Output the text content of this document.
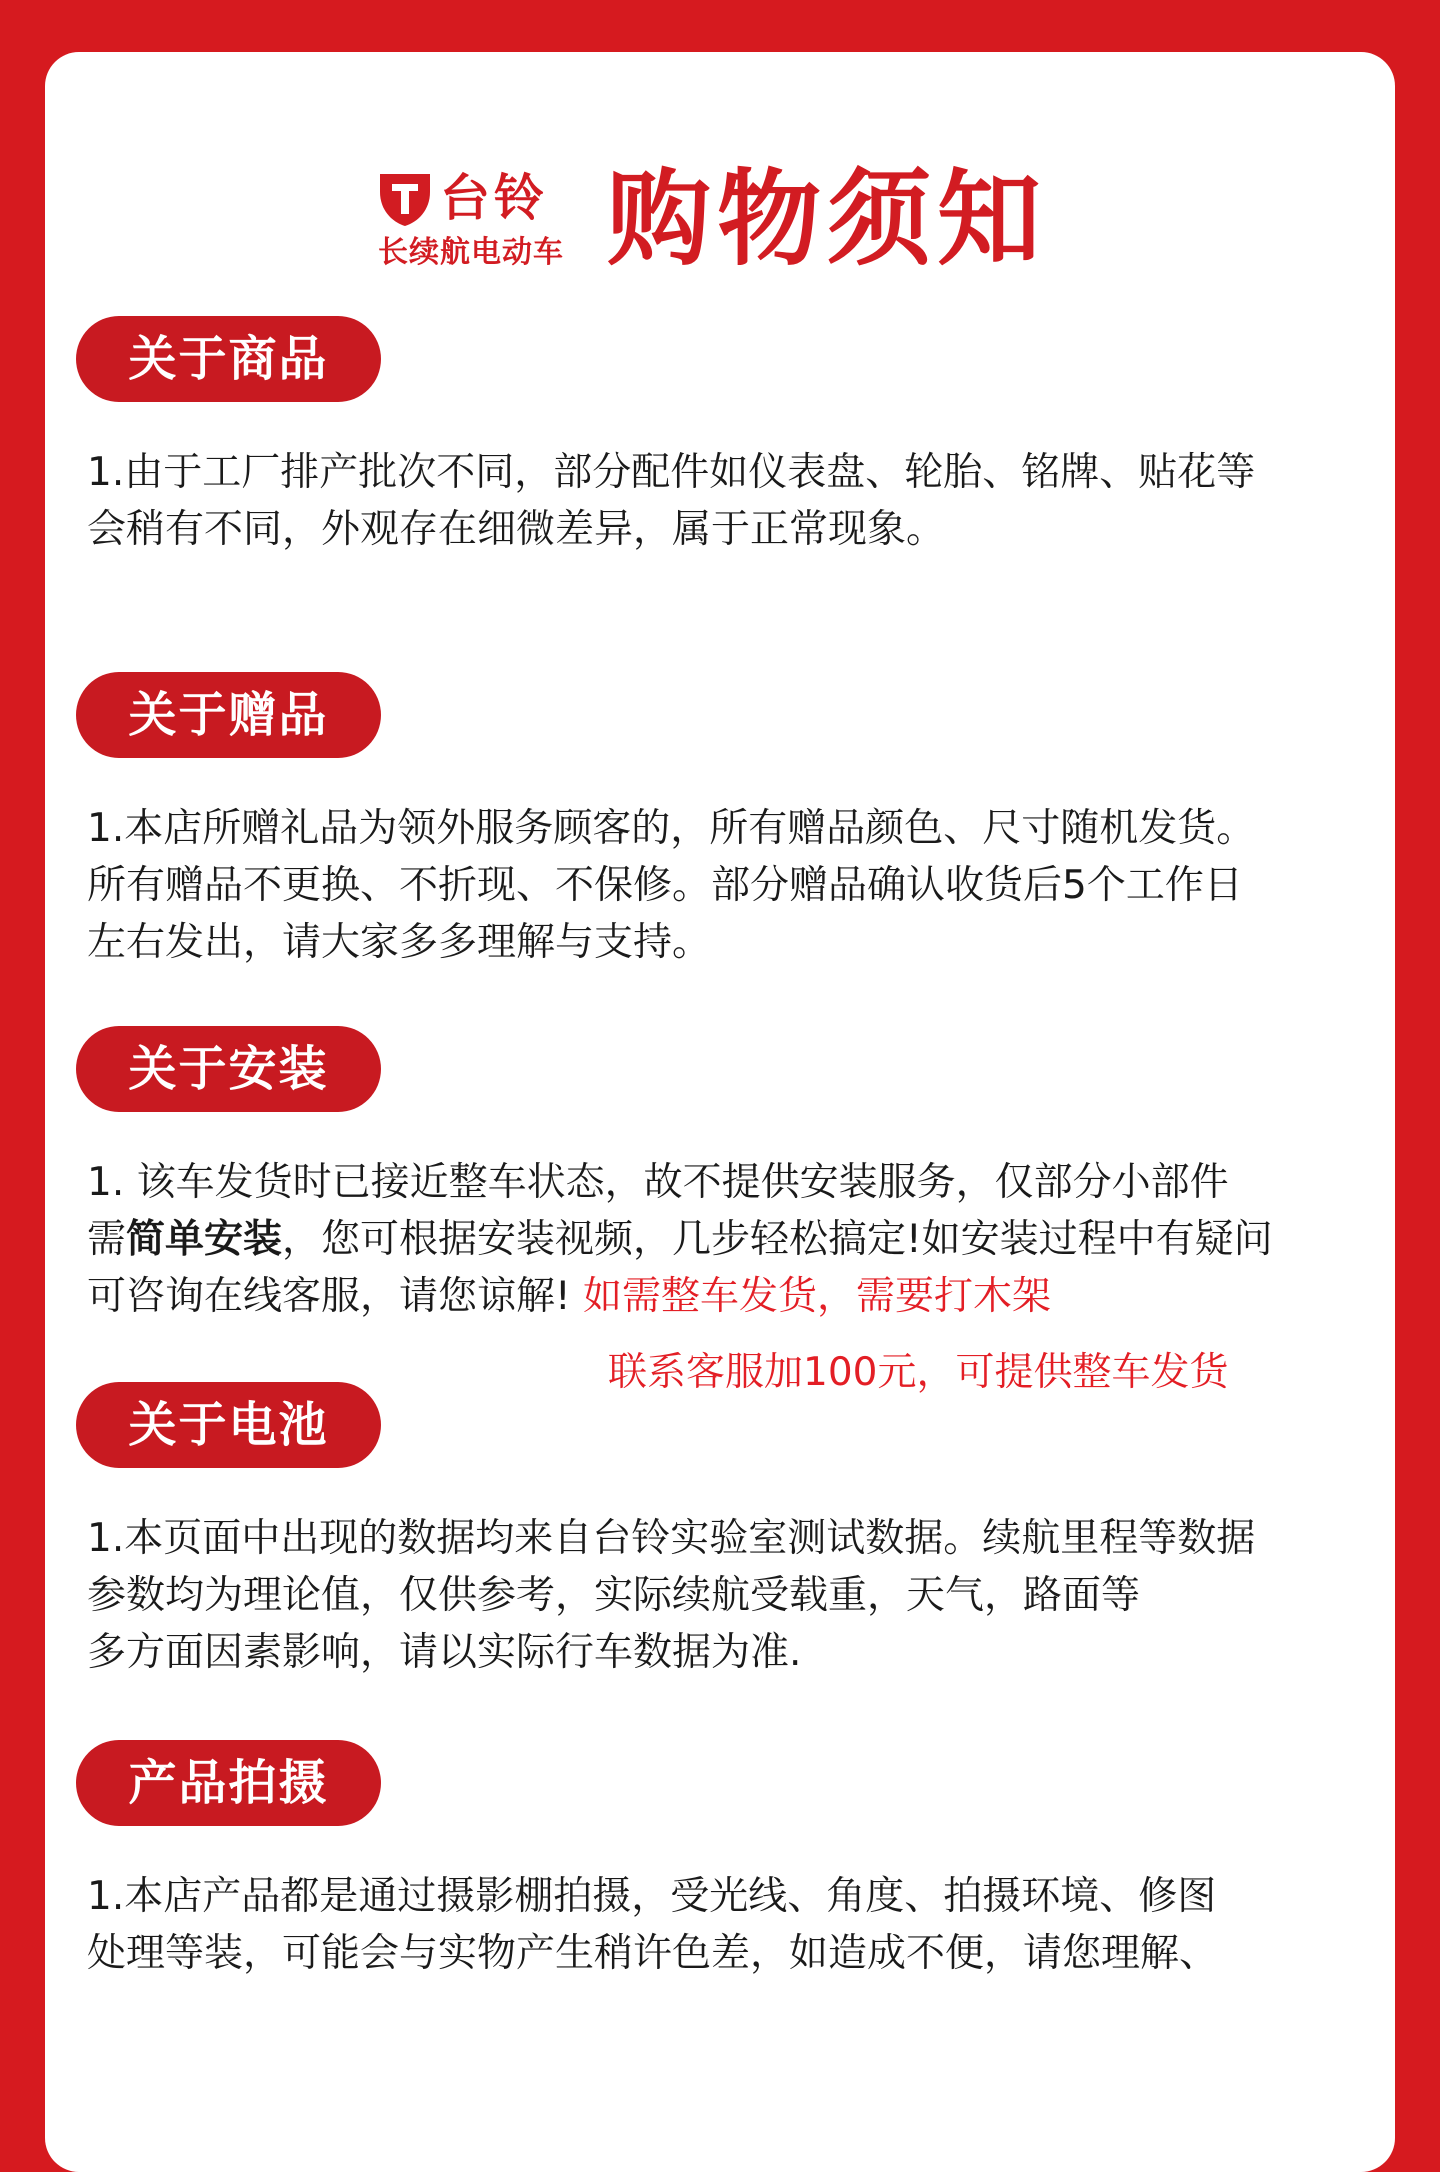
台铃
长续航电动车 购物须知
关于商品

1.由于工厂排产批次不同，部分配件如仪表盘、轮胎、铭牌、贴花等

会稍有不同，外观存在细微差异，属于正常现象。

关于赠品

1.本店所赠礼品为领外服务顾客的，所有赠品颜色、尺寸随机发货。

所有赠品不更换、不折现、不保修。部分赠品确认收货后5个工作日

左右发出，请大家多多理解与支持。

关于安装

1. 该车发货时已接近整车状态，故不提供安装服务，仅部分小部件

需简单安装，您可根据安装视频，几步轻松搞定!如安装过程中有疑问

可咨询在线客服，请您谅解! 如需整车发货，需要打木架

联系客服加100元，可提供整车发货
关于电池

1.本页面中出现的数据均来自台铃实验室测试数据。续航里程等数据

参数均为理论值，仅供参考，实际续航受载重，天气，路面等

多方面因素影响，请以实际行车数据为准.

产品拍摄

1.本店产品都是通过摄影棚拍摄，受光线、角度、拍摄环境、修图

处理等装，可能会与实物产生稍许色差，如造成不便，请您理解、
